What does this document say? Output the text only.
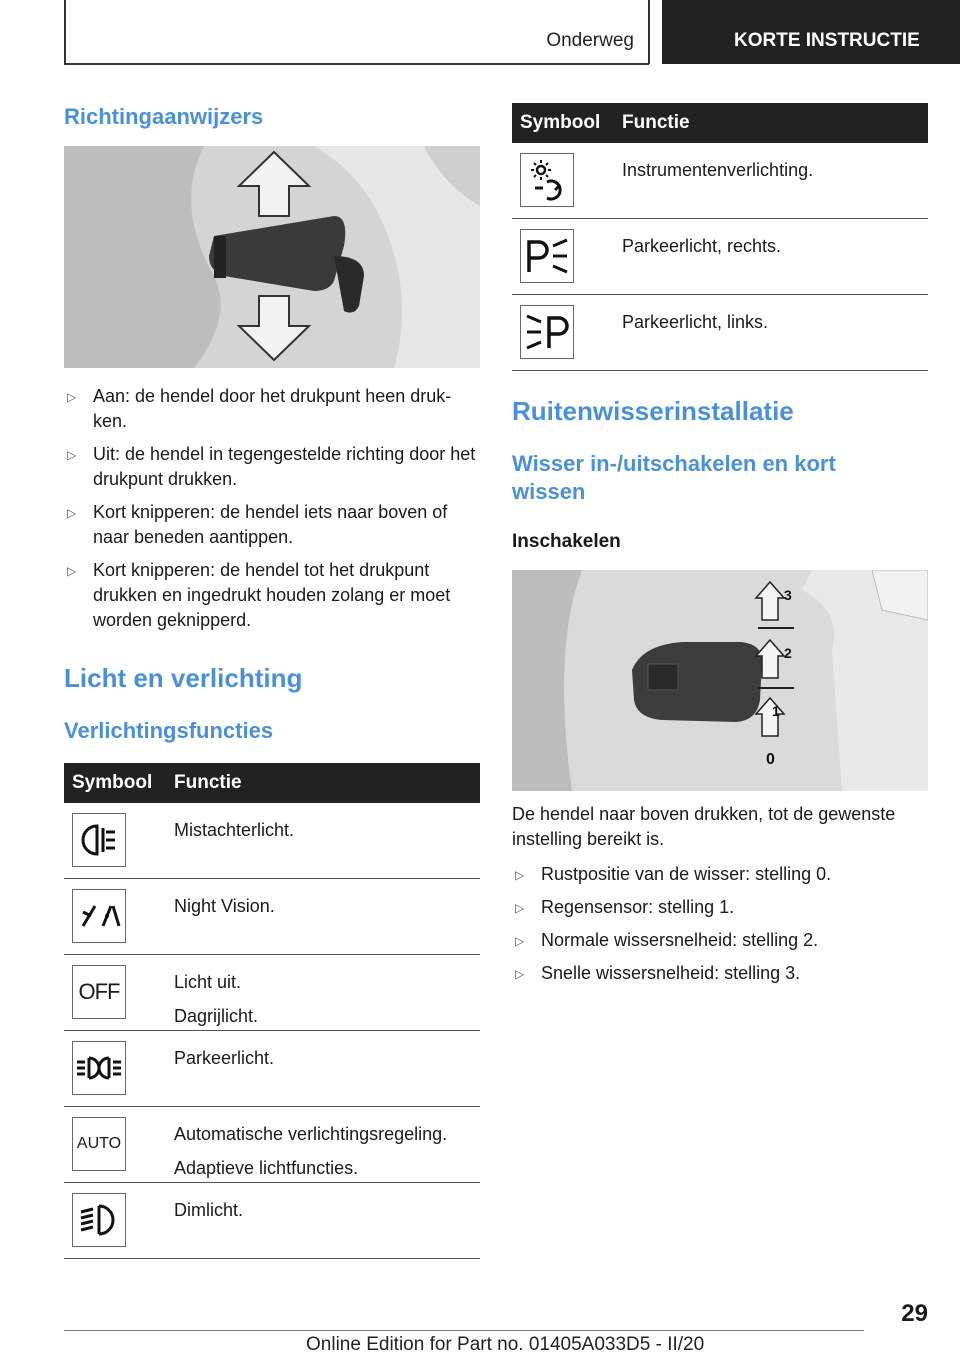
Onderweg	KORTE INSTRUCTIE
Richtingaanwijzers
▷ Aan: de hendel door het drukpunt heen druk-ken.
▷ Uit: de hendel in tegengestelde richting door het drukpunt drukken.
▷ Kort knipperen: de hendel iets naar boven of naar beneden aantippen.
▷ Kort knipperen: de hendel tot het drukpunt drukken en ingedrukt houden zolang er moet worden geknipperd.
Licht en verlichting
Verlichtingsfuncties
Symbool	Functie
Mistachterlicht.
Night Vision.
OFF	Licht uit.
Dagrijlicht.
Parkeerlicht.
AUTO	Automatische verlichtingsregeling.
Adaptieve lichtfuncties.
Dimlicht.
Symbool	Functie
Instrumentenverlichting.
Parkeerlicht, rechts.
Parkeerlicht, links.
Ruitenwisserinstallatie
Wisser in-/uitschakelen en kort wissen
Inschakelen
3
2
1
0
De hendel naar boven drukken, tot de gewenste instelling bereikt is.
▷ Rustpositie van de wisser: stelling 0.
▷ Regensensor: stelling 1.
▷ Normale wissersnelheid: stelling 2.
▷ Snelle wissersnelheid: stelling 3.
29
Online Edition for Part no. 01405A033D5 - II/20
